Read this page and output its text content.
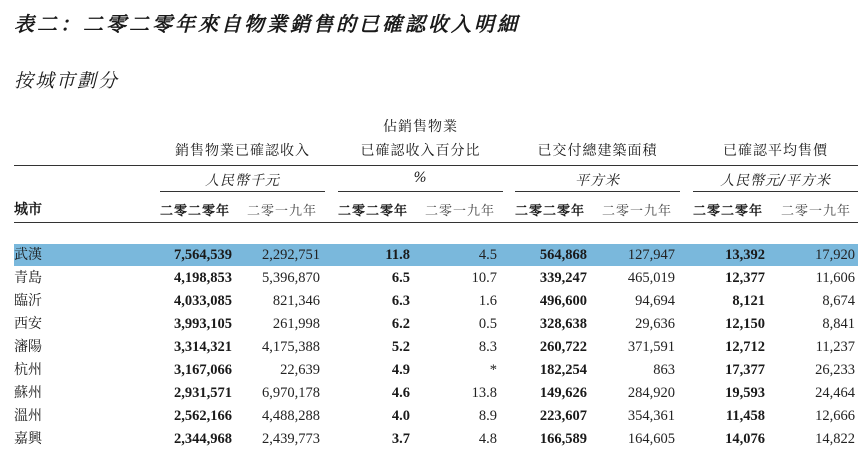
表二：二零二零年來自物業銷售的已確認收入明細
按城市劃分
銷售物業已確認收入
佔銷售物業
已確認收入百分比	已交付總建築面積	已確認平均售價
人民幣千元	%	平方米	人民幣元/平方米
城市	二零二零年	二零一九年	二零二零年	二零一九年	二零二零年	二零一九年	二零二零年	二零一九年
武漢	7,564,539 2,292,751	11.8	4.5	564,868	127,947	13,392	17,920
青島	4,198,853 5,396,870	6.5	10.7	339,247	465,019	12,377	11,606
臨沂	4,033,085	821,346	6.3	1.6	496,600	94,694	8,121	8,674
西安	3,993,105	261,998	6.2	0.5	328,638	29,636	12,150	8,841
瀋陽	3,314,321 4,175,388	5.2	8.3	260,722	371,591	12,712	11,237
杭州	3,167,066	22,639	4.9	*	182,254	863	17,377	26,233
蘇州	2,931,571 6,970,178	4.6	13.8	149,626	284,920	19,593	24,464
溫州	2,562,166 4,488,288	4.0	8.9	223,607	354,361	11,458	12,666
嘉興	2,344,968 2,439,773	3.7	4.8	166,589	164,605	14,076	14,822
